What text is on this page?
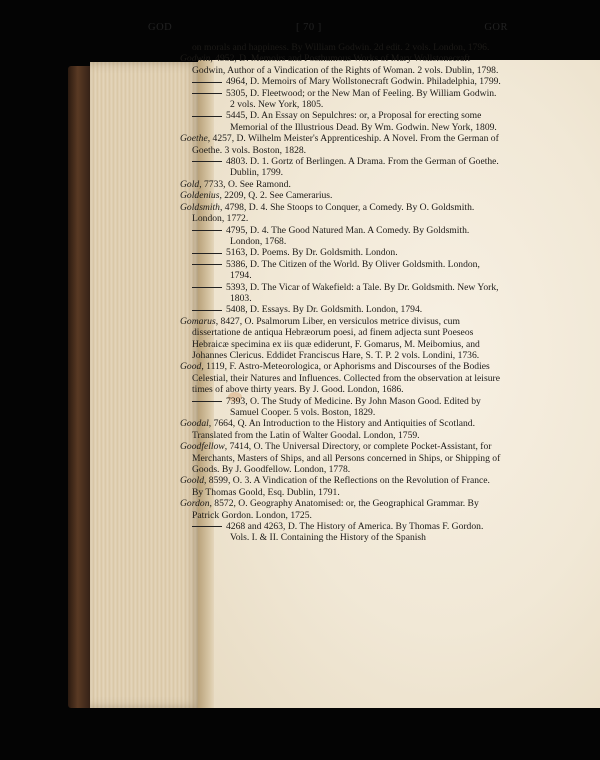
GOD	[ 70 ]	GOR

on morals and happiness. By William Godwin. 2d edit. 2 vols. London, 1796.

Godwin, 4952, D. Memoirs and Posthumous Works of Mary Wollstonecraft Godwin, Author of a Vindication of the Rights of Woman. 2 vols. Dublin, 1798.

4964, D. Memoirs of Mary Wollstonecraft Godwin. Philadelphia, 1799.

5305, D. Fleetwood; or the New Man of Feeling. By William Godwin. 2 vols. New York, 1805.

5445, D. An Essay on Sepulchres: or, a Proposal for erecting some Memorial of the Illustrious Dead. By Wm. Godwin. New York, 1809.

Goethe, 4257, D. Wilhelm Meister's Apprenticeship. A Novel. From the German of Goethe. 3 vols. Boston, 1828.

4803. D. 1. Gortz of Berlingen. A Drama. From the German of Goethe. Dublin, 1799.

Gold, 7733, O. See Ramond.

Goldenius, 2209, Q. 2. See Camerarius.

Goldsmith, 4798, D. 4. She Stoops to Conquer, a Comedy. By O. Goldsmith. London, 1772.

4795, D. 4. The Good Natured Man. A Comedy. By Goldsmith. London, 1768.

5163, D. Poems. By Dr. Goldsmith. London.

5386, D. The Citizen of the World. By Oliver Goldsmith. London, 1794.

5393, D. The Vicar of Wakefield: a Tale. By Dr. Goldsmith. New York, 1803.

5408, D. Essays. By Dr. Goldsmith. London, 1794.

Gomarus, 8427, O. Psalmorum Liber, en versiculos metrice divisus, cum dissertatione de antiqua Hebræorum poesi, ad finem adjecta sunt Poeseos Hebraicæ specimina ex iis quæ ediderunt, F. Gomarus, M. Meibomius, and Johannes Clericus. Eddidet Franciscus Hare, S. T. P. 2 vols. Londini, 1736.

Good, 1119, F. Astro-Meteorologica, or Aphorisms and Discourses of the Bodies Celestial, their Natures and Influences. Collected from the observation at leisure times of above thirty years. By J. Good. London, 1686.

7393, O. The Study of Medicine. By John Mason Good. Edited by Samuel Cooper. 5 vols. Boston, 1829.

Goodal, 7664, Q. An Introduction to the History and Antiquities of Scotland. Translated from the Latin of Walter Goodal. London, 1759.

Goodfellow, 7414, O. The Universal Directory, or complete Pocket-Assistant, for Merchants, Masters of Ships, and all Persons concerned in Ships, or Shipping of Goods. By J. Goodfellow. London, 1778.

Goold, 8599, O. 3. A Vindication of the Reflections on the Revolution of France. By Thomas Goold, Esq. Dublin, 1791.

Gordon, 8572, O. Geography Anatomised: or, the Geographical Grammar. By Patrick Gordon. London, 1725.

4268 and 4263, D. The History of America. By Thomas F. Gordon. Vols. I. & II. Containing the History of the Spanish
